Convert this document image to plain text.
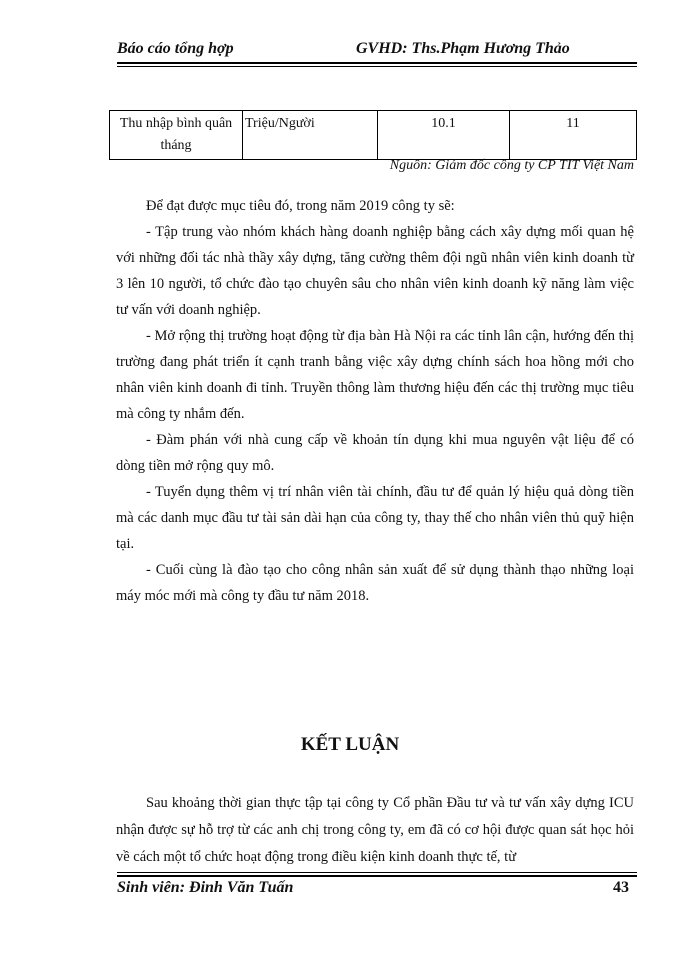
Báo cáo tổng hợp	GVHD: Ths.Phạm Hương Thảo
Thu nhập bình quân tháng	Triệu/Người	10.1	11
Nguồn: Giám đốc công ty CP TIT Việt Nam
Để đạt được mục tiêu đó, trong năm 2019 công ty sẽ:
- Tập trung vào nhóm khách hàng doanh nghiệp bằng cách xây dựng mối quan hệ với những đối tác nhà thầy xây dựng, tăng cường thêm đội ngũ nhân viên kinh doanh từ 3 lên 10 người, tổ chức đào tạo chuyên sâu cho nhân viên kinh doanh kỹ năng làm việc tư vấn với doanh nghiệp.
- Mở rộng thị trường hoạt động từ địa bàn Hà Nội ra các tỉnh lân cận, hướng đến thị trường đang phát triển ít cạnh tranh bằng việc xây dựng chính sách hoa hồng mới cho nhân viên kinh doanh đi tỉnh. Truyền thông làm thương hiệu đến các thị trường mục tiêu mà công ty nhắm đến.
- Đàm phán với nhà cung cấp về khoản tín dụng khi mua nguyên vật liệu để có dòng tiền mở rộng quy mô.
- Tuyển dụng thêm vị trí nhân viên tài chính, đầu tư để quản lý hiệu quả dòng tiền mà các danh mục đầu tư tài sản dài hạn của công ty, thay thế cho nhân viên thủ quỹ hiện tại.
- Cuối cùng là đào tạo cho công nhân sản xuất để sử dụng thành thạo những loại máy móc mới mà công ty đầu tư năm 2018.
KẾT LUẬN
Sau khoảng thời gian thực tập tại công ty Cổ phần Đầu tư và tư vấn xây dựng ICU nhận được sự hỗ trợ từ các anh chị trong công ty, em đã có cơ hội được quan sát học hỏi về cách một tổ chức hoạt động trong điều kiện kinh doanh thực tế, từ
Sinh viên: Đinh Văn Tuấn	43
